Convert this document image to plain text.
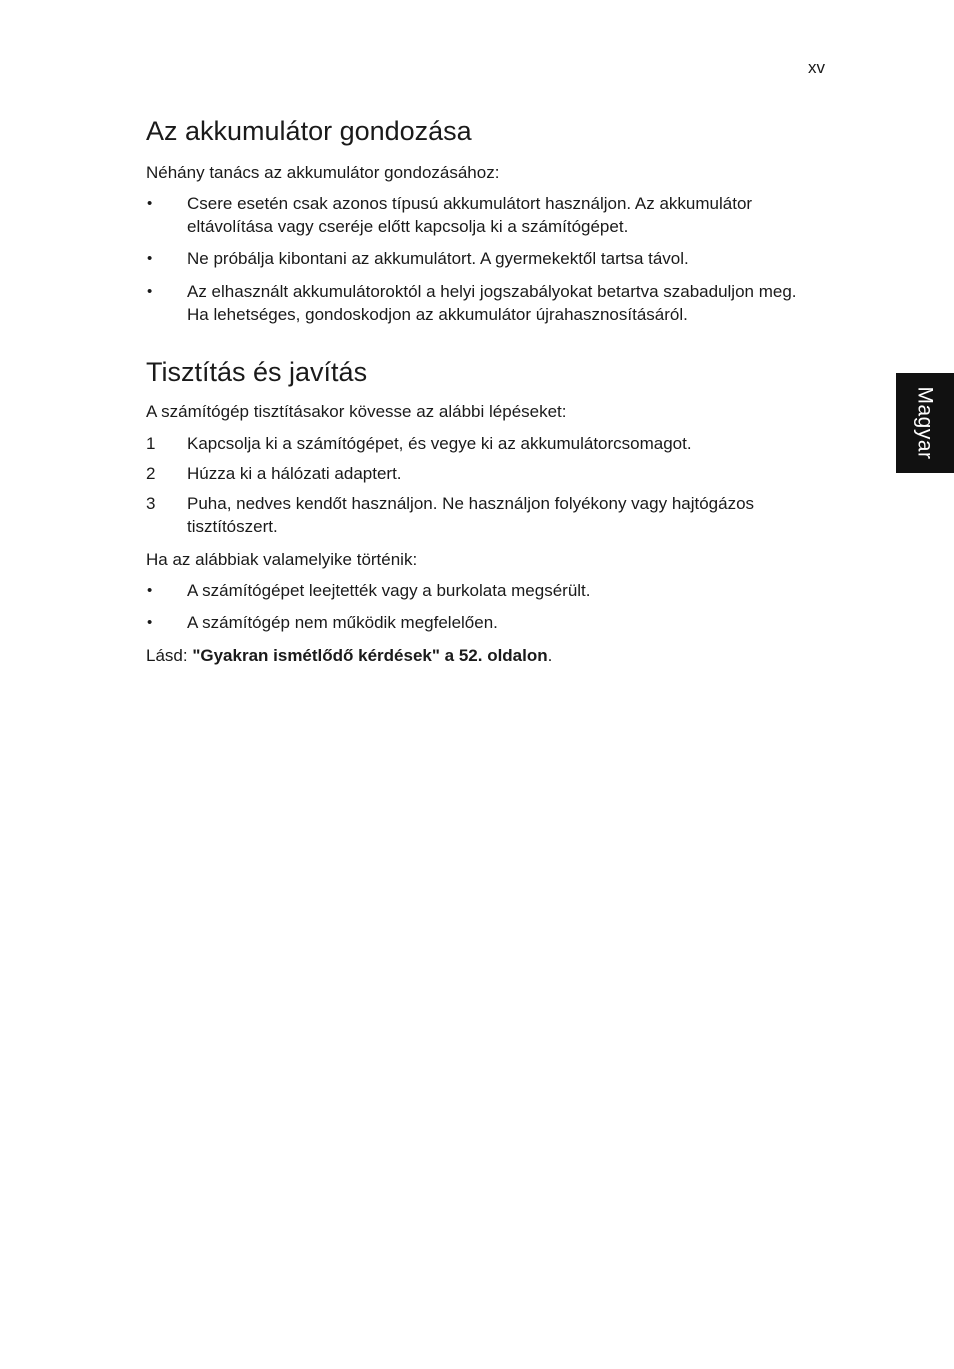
xv
Magyar
Az akkumulátor gondozása

Néhány tanács az akkumulátor gondozásához:

•	Csere esetén csak azonos típusú akkumulátort használjon. Az akkumulátor eltávolítása vagy cseréje előtt kapcsolja ki a számítógépet.
•	Ne próbálja kibontani az akkumulátort. A gyermekektől tartsa távol.
•	Az elhasznált akkumulátoroktól a helyi jogszabályokat betartva szabaduljon meg. Ha lehetséges, gondoskodjon az akkumulátor újrahasznosításáról.
Tisztítás és javítás

A számítógép tisztításakor kövesse az alábbi lépéseket:

1	Kapcsolja ki a számítógépet, és vegye ki az akkumulátorcsomagot.
2	Húzza ki a hálózati adaptert.
3	Puha, nedves kendőt használjon. Ne használjon folyékony vagy hajtógázos tisztítószert.

Ha az alábbiak valamelyike történik:

•	A számítógépet leejtették vagy a burkolata megsérült.
•	A számítógép nem működik megfelelően.

Lásd: "Gyakran ismétlődő kérdések" a 52. oldalon.
